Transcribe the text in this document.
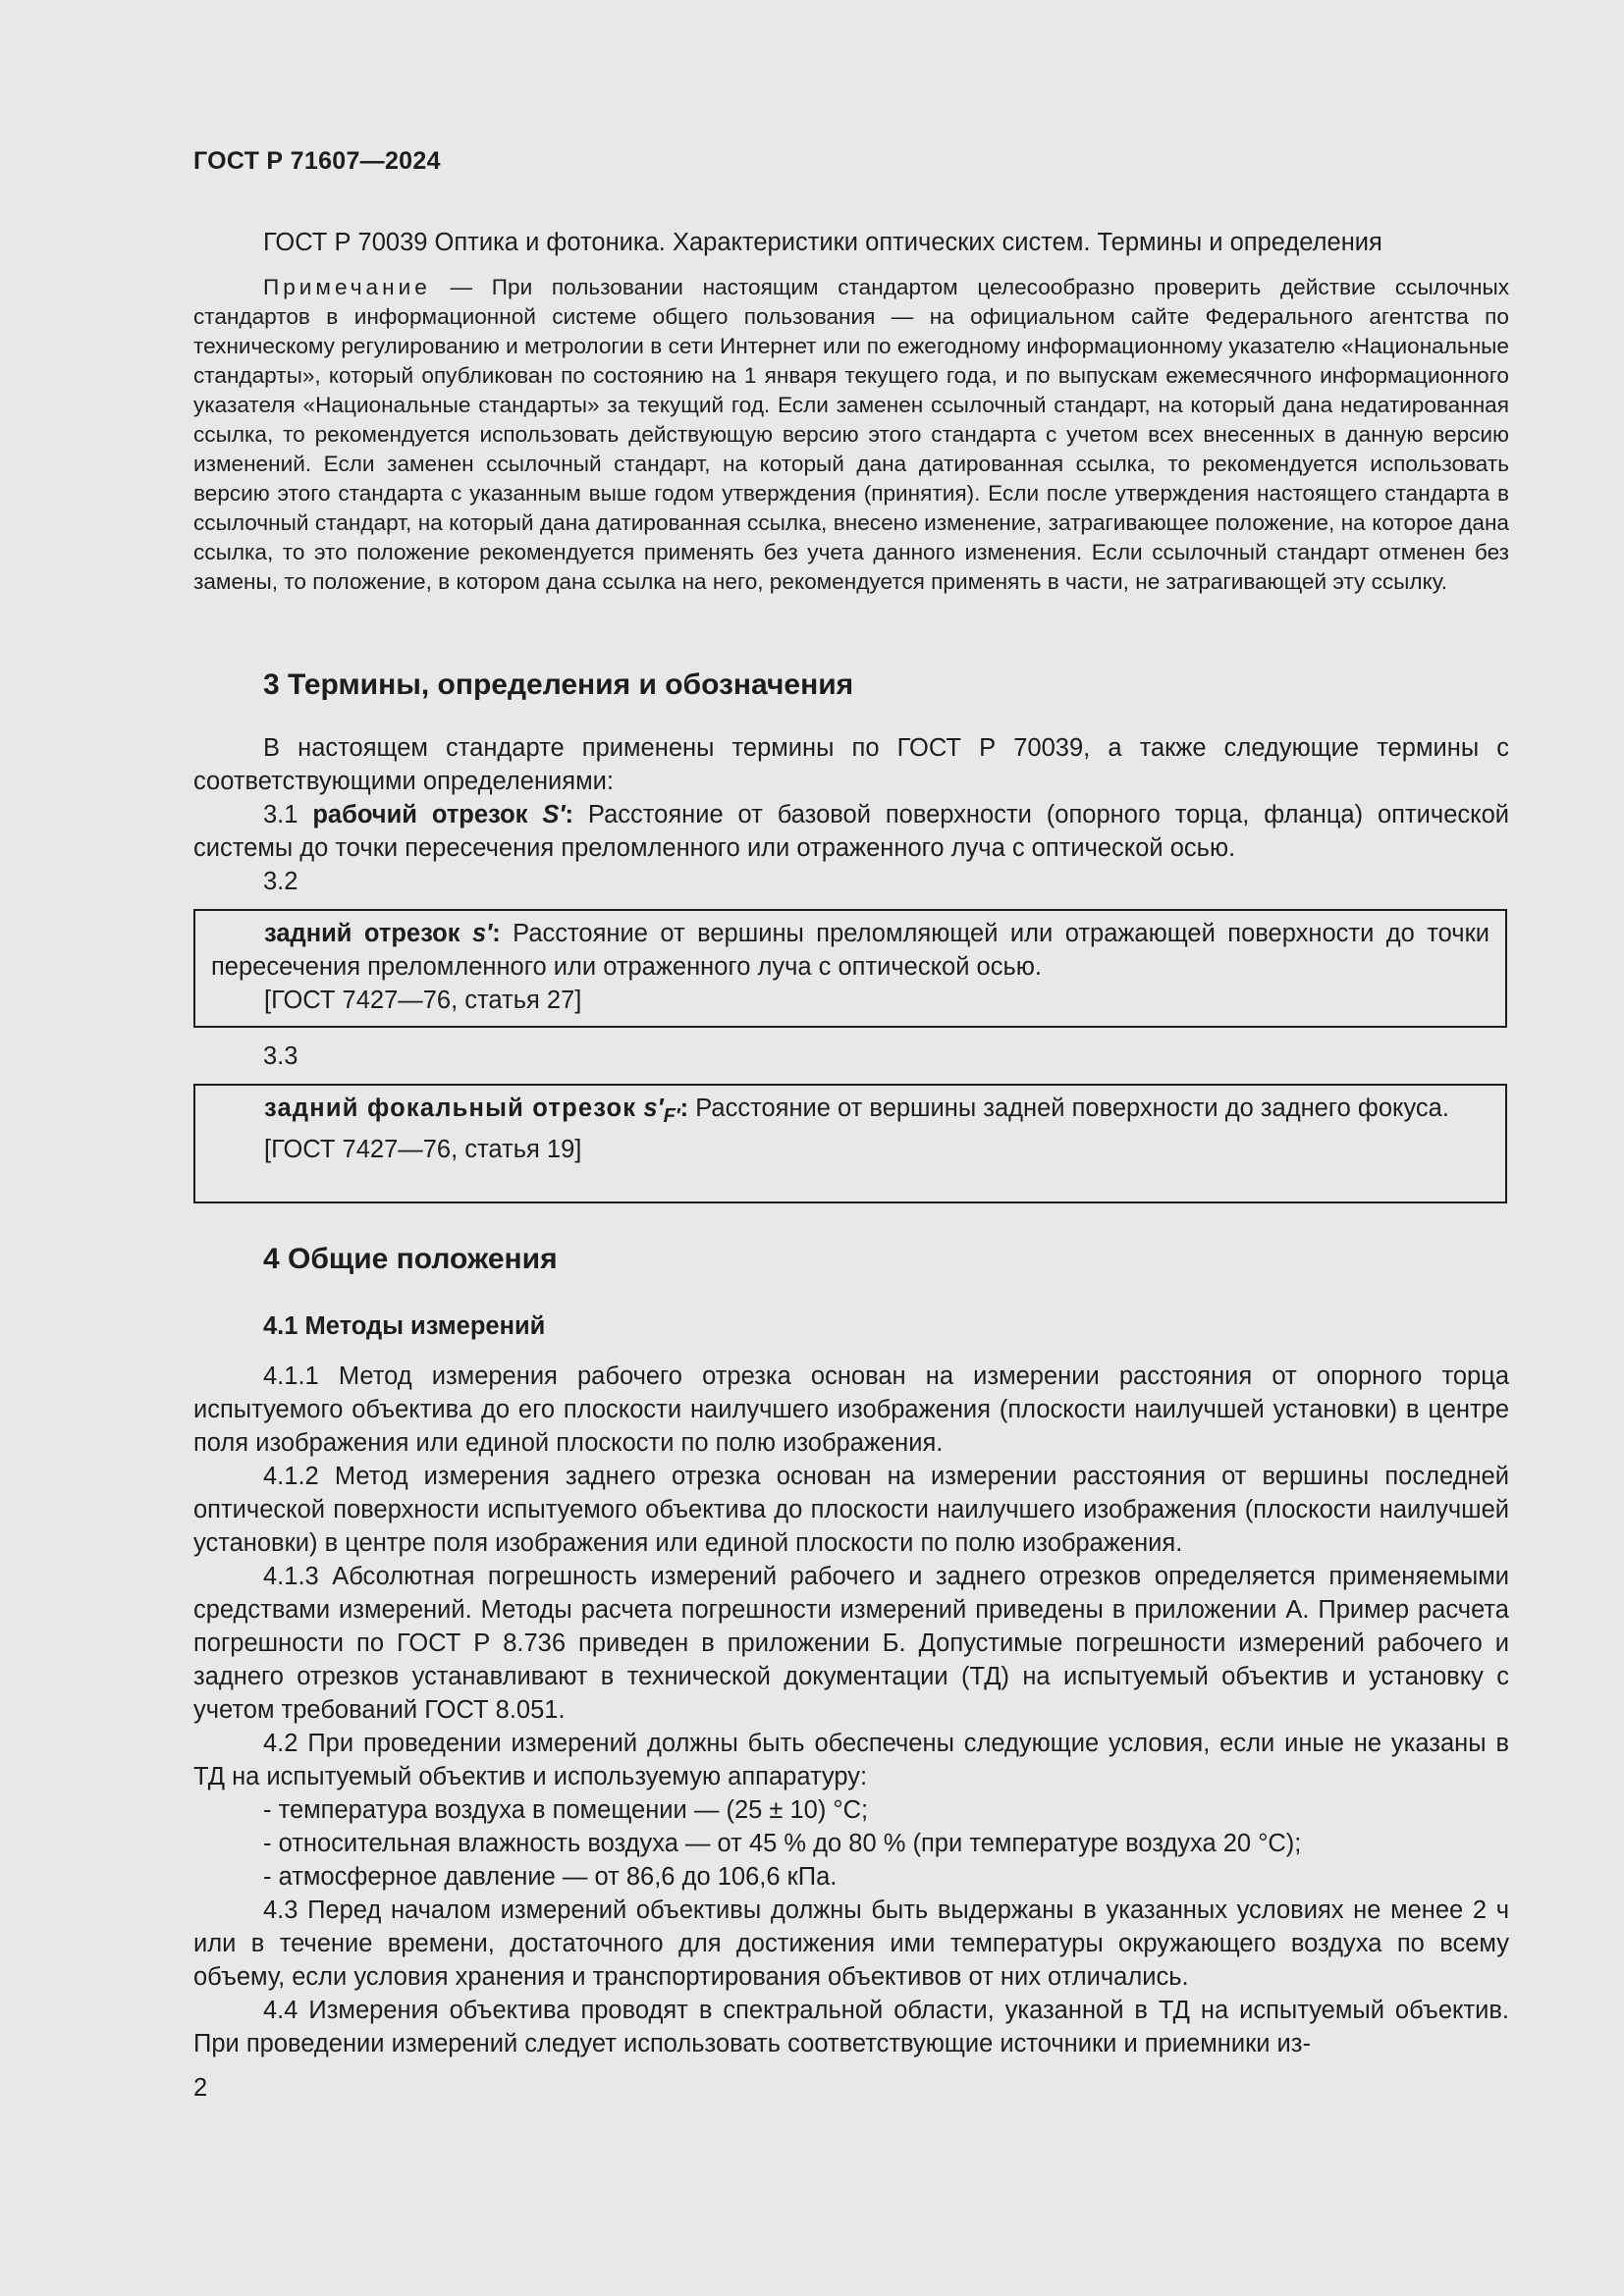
ГОСТ Р 71607—2024
ГОСТ Р 70039 Оптика и фотоника. Характеристики оптических систем. Термины и определения

Примечание — При пользовании настоящим стандартом целесообразно проверить действие ссылочных стандартов в информационной системе общего пользования — на официальном сайте Федерального агентства по техническому регулированию и метрологии в сети Интернет или по ежегодному информационному указателю «Национальные стандарты», который опубликован по состоянию на 1 января текущего года, и по выпускам ежемесячного информационного указателя «Национальные стандарты» за текущий год. Если заменен ссылочный стандарт, на который дана недатированная ссылка, то рекомендуется использовать действующую версию этого стандарта с учетом всех внесенных в данную версию изменений. Если заменен ссылочный стандарт, на который дана датированная ссылка, то рекомендуется использовать версию этого стандарта с указанным выше годом утверждения (принятия). Если после утверждения настоящего стандарта в ссылочный стандарт, на который дана датированная ссылка, внесено изменение, затрагивающее положение, на которое дана ссылка, то это положение рекомендуется применять без учета данного изменения. Если ссылочный стандарт отменен без замены, то положение, в котором дана ссылка на него, рекомендуется применять в части, не затрагивающей эту ссылку.

3 Термины, определения и обозначения

В настоящем стандарте применены термины по ГОСТ Р 70039, а также следующие термины с соответствующими определениями:

3.1 рабочий отрезок S′: Расстояние от базовой поверхности (опорного торца, фланца) оптической системы до точки пересечения преломленного или отраженного луча с оптической осью.

3.2

задний отрезок s′: Расстояние от вершины преломляющей или отражающей поверхности до точки пересечения преломленного или отраженного луча с оптической осью.

[ГОСТ 7427—76, статья 27]

3.3

задний фокальный отрезок $s'_{F'}$: Расстояние от вершины задней поверхности до заднего фокуса.

[ГОСТ 7427—76, статья 19]

4 Общие положения
4.1 Методы измерений

4.1.1 Метод измерения рабочего отрезка основан на измерении расстояния от опорного торца испытуемого объектива до его плоскости наилучшего изображения (плоскости наилучшей установки) в центре поля изображения или единой плоскости по полю изображения.

4.1.2 Метод измерения заднего отрезка основан на измерении расстояния от вершины последней оптической поверхности испытуемого объектива до плоскости наилучшего изображения (плоскости наилучшей установки) в центре поля изображения или единой плоскости по полю изображения.

4.1.3 Абсолютная погрешность измерений рабочего и заднего отрезков определяется применяемыми средствами измерений. Методы расчета погрешности измерений приведены в приложении А. Пример расчета погрешности по ГОСТ Р 8.736 приведен в приложении Б. Допустимые погрешности измерений рабочего и заднего отрезков устанавливают в технической документации (ТД) на испытуемый объектив и установку с учетом требований ГОСТ 8.051.

4.2 При проведении измерений должны быть обеспечены следующие условия, если иные не указаны в ТД на испытуемый объектив и используемую аппаратуру:

- температура воздуха в помещении — (25 ± 10) °С;

- относительная влажность воздуха — от 45 % до 80 % (при температуре воздуха 20 °С);

- атмосферное давление — от 86,6 до 106,6 кПа.

4.3 Перед началом измерений объективы должны быть выдержаны в указанных условиях не менее 2 ч или в течение времени, достаточного для достижения ими температуры окружающего воздуха по всему объему, если условия хранения и транспортирования объективов от них отличались.

4.4 Измерения объектива проводят в спектральной области, указанной в ТД на испытуемый объектив. При проведении измерений следует использовать соответствующие источники и приемники из-

2
